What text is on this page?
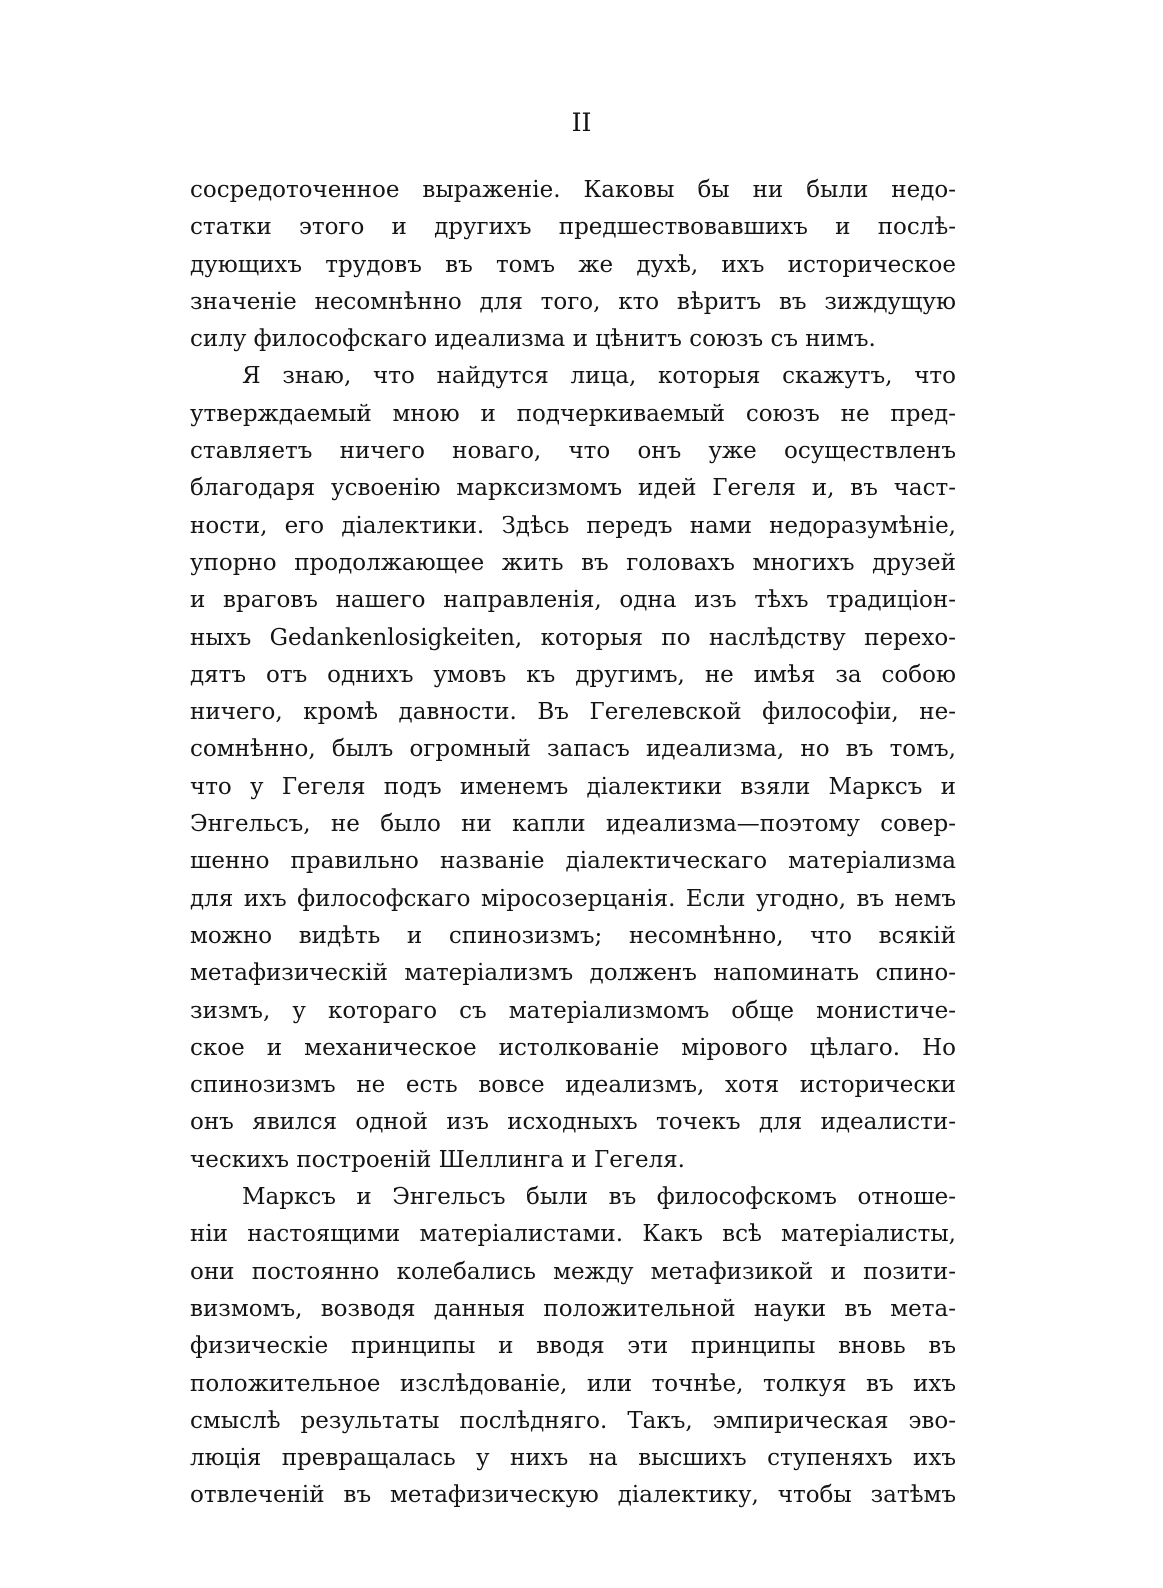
II
сосредоточенное выраженіе. Каковы бы ни были недо-
статки этого и другихъ предшествовавшихъ и послѣ-
дующихъ трудовъ въ томъ же духѣ, ихъ историческое
значеніе несомнѣнно для того, кто вѣритъ въ зиждущую
силу философскаго идеализма и цѣнитъ союзъ съ нимъ.
Я знаю, что найдутся лица, которыя скажутъ, что
утверждаемый мною и подчеркиваемый союзъ не пред-
ставляетъ ничего новаго, что онъ уже осуществленъ
благодаря усвоенію марксизмомъ идей Гегеля и, въ част-
ности, его діалектики. Здѣсь передъ нами недоразумѣніе,
упорно продолжающее жить въ головахъ многихъ друзей
и враговъ нашего направленія, одна изъ тѣхъ традиціон-
ныхъ Gedankenlosigkeiten, которыя по наслѣдству перехо-
дятъ отъ однихъ умовъ къ другимъ, не имѣя за собою
ничего, кромѣ давности. Въ Гегелевской философіи, не-
сомнѣнно, былъ огромный запасъ идеализма, но въ томъ,
что у Гегеля подъ именемъ діалектики взяли Марксъ и
Энгельсъ, не было ни капли идеализма—поэтому совер-
шенно правильно названіе діалектическаго матеріализма
для ихъ философскаго міросозерцанія. Если угодно, въ немъ
можно видѣть и спинозизмъ; несомнѣнно, что всякій
метафизическій матеріализмъ долженъ напоминать спино-
зизмъ, у котораго съ матеріализмомъ обще монистиче-
ское и механическое истолкованіе мірового цѣлаго. Но
спинозизмъ не есть вовсе идеализмъ, хотя исторически
онъ явился одной изъ исходныхъ точекъ для идеалисти-
ческихъ построеній Шеллинга и Гегеля.
Марксъ и Энгельсъ были въ философскомъ отноше-
ніи настоящими матеріалистами. Какъ всѣ матеріалисты,
они постоянно колебались между метафизикой и позити-
визмомъ, возводя данныя положительной науки въ мета-
физическіе принципы и вводя эти принципы вновь въ
положительное изслѣдованіе, или точнѣе, толкуя въ ихъ
смыслѣ результаты послѣдняго. Такъ, эмпирическая эво-
люція превращалась у нихъ на высшихъ ступеняхъ ихъ
отвлеченій въ метафизическую діалектику, чтобы затѣмъ
